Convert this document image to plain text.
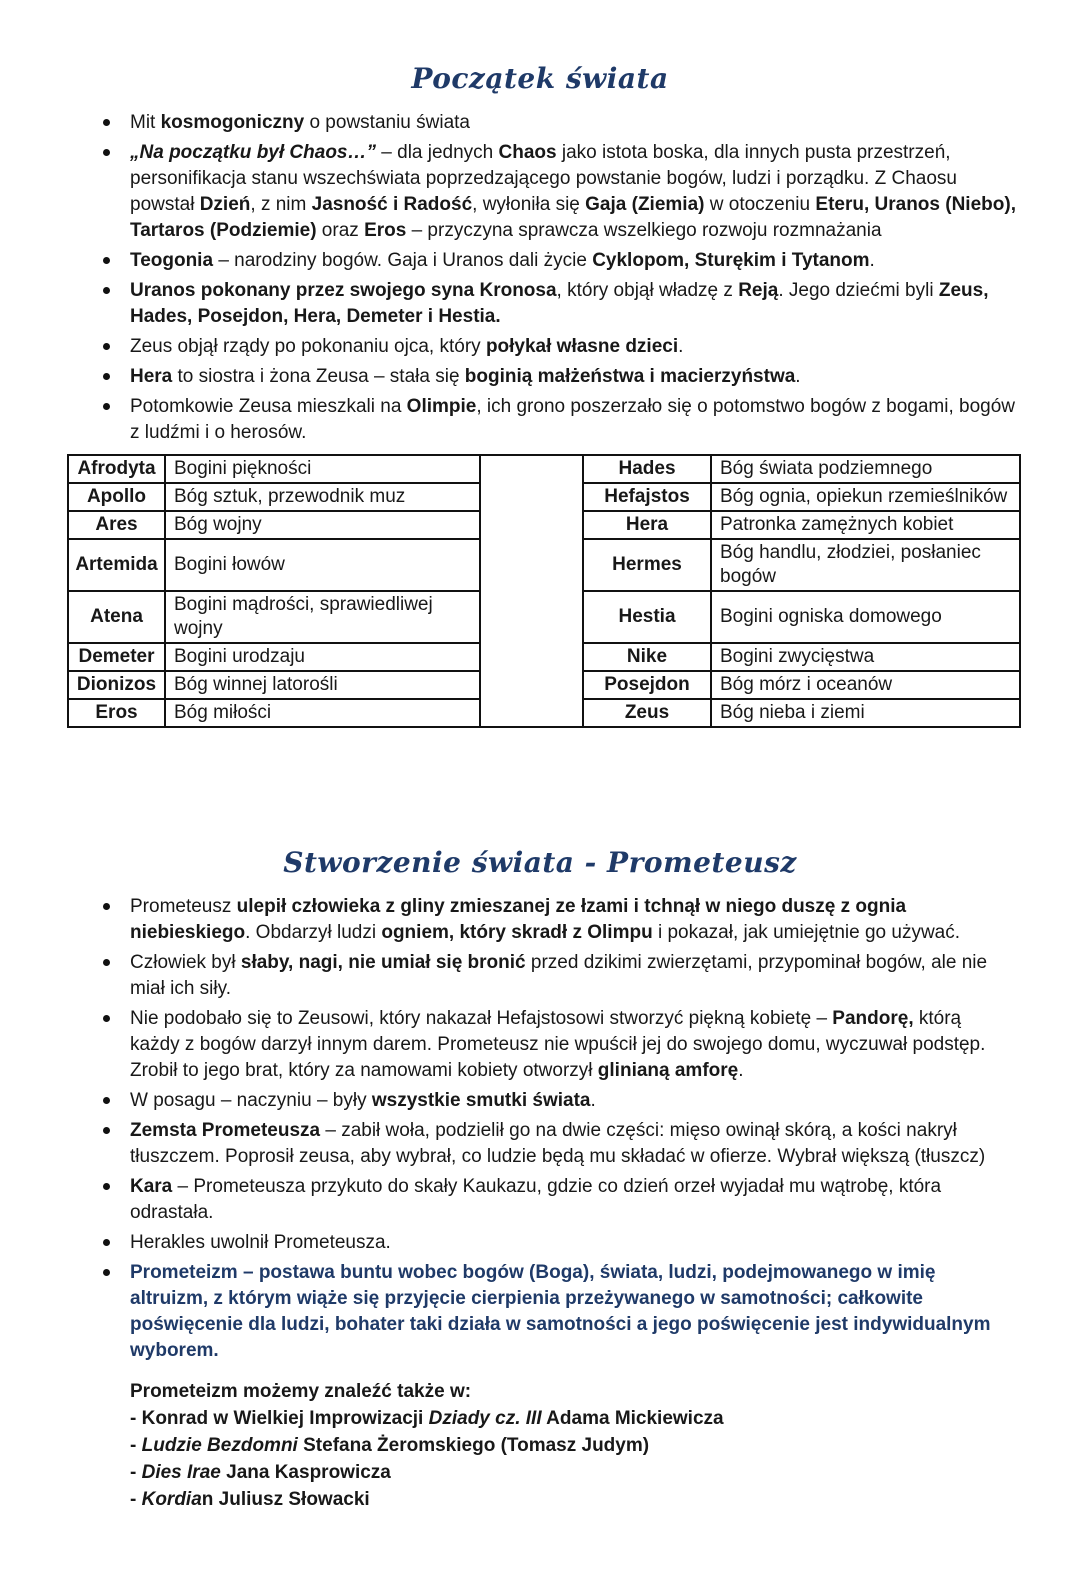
Początek świata
Mit kosmogoniczny o powstaniu świata
„Na początku był Chaos…” – dla jednych Chaos jako istota boska, dla innych pusta przestrzeń, personifikacja stanu wszechświata poprzedzającego powstanie bogów, ludzi i porządku. Z Chaosu powstał Dzień, z nim Jasność i Radość, wyłoniła się Gaja (Ziemia) w otoczeniu Eteru, Uranos (Niebo), Tartaros (Podziemie) oraz Eros – przyczyna sprawcza wszelkiego rozwoju rozmnażania
Teogonia – narodziny bogów. Gaja i Uranos dali życie Cyklopom, Sturękim i Tytanom.
Uranos pokonany przez swojego syna Kronosa, który objął władzę z Reją. Jego dziećmi byli Zeus, Hades, Posejdon, Hera, Demeter i Hestia.
Zeus objął rządy po pokonaniu ojca, który połykał własne dzieci.
Hera to siostra i żona Zeusa – stała się boginią małżeństwa i macierzyństwa.
Potomkowie Zeusa mieszkali na Olimpie, ich grono poszerzało się o potomstwo bogów z bogami, bogów z ludźmi i o herosów.
Afrodyta	Bogini piękności		Hades	Bóg świata podziemnego
Apollo	Bóg sztuk, przewodnik muz		Hefajstos	Bóg ognia, opiekun rzemieślników
Ares	Bóg wojny		Hera	Patronka zamężnych kobiet
Artemida	Bogini łowów		Hermes	Bóg handlu, złodziei, posłaniec bogów
Atena	Bogini mądrości, sprawiedliwej wojny		Hestia	Bogini ogniska domowego
Demeter	Bogini urodzaju		Nike	Bogini zwycięstwa
Dionizos	Bóg winnej latorośli		Posejdon	Bóg mórz i oceanów
Eros	Bóg miłości		Zeus	Bóg nieba i ziemi
Stworzenie świata - Prometeusz
Prometeusz ulepił człowieka z gliny zmieszanej ze łzami i tchnął w niego duszę z ognia niebieskiego. Obdarzył ludzi ogniem, który skradł z Olimpu i pokazał, jak umiejętnie go używać.
Człowiek był słaby, nagi, nie umiał się bronić przed dzikimi zwierzętami, przypominał bogów, ale nie miał ich siły.
Nie podobało się to Zeusowi, który nakazał Hefajstosowi stworzyć piękną kobietę – Pandorę, którą każdy z bogów darzył innym darem. Prometeusz nie wpuścił jej do swojego domu, wyczuwał podstęp. Zrobił to jego brat, który za namowami kobiety otworzył glinianą amforę.
W posagu – naczyniu – były wszystkie smutki świata.
Zemsta Prometeusza – zabił woła, podzielił go na dwie części: mięso owinął skórą, a kości nakrył tłuszczem. Poprosił zeusa, aby wybrał, co ludzie będą mu składać w ofierze. Wybrał większą (tłuszcz)
Kara – Prometeusza przykuto do skały Kaukazu, gdzie co dzień orzeł wyjadał mu wątrobę, która odrastała.
Herakles uwolnił Prometeusza.
Prometeizm – postawa buntu wobec bogów (Boga), świata, ludzi, podejmowanego w imię altruizm, z którym wiąże się przyjęcie cierpienia przeżywanego w samotności; całkowite poświęcenie dla ludzi, bohater taki działa w samotności a jego poświęcenie jest indywidualnym wyborem.
Prometeizm możemy znaleźć także w:
- Konrad w Wielkiej Improwizacji Dziady cz. III Adama Mickiewicza
- Ludzie Bezdomni Stefana Żeromskiego (Tomasz Judym)
- Dies Irae Jana Kasprowicza
- Kordian Juliusz Słowacki
